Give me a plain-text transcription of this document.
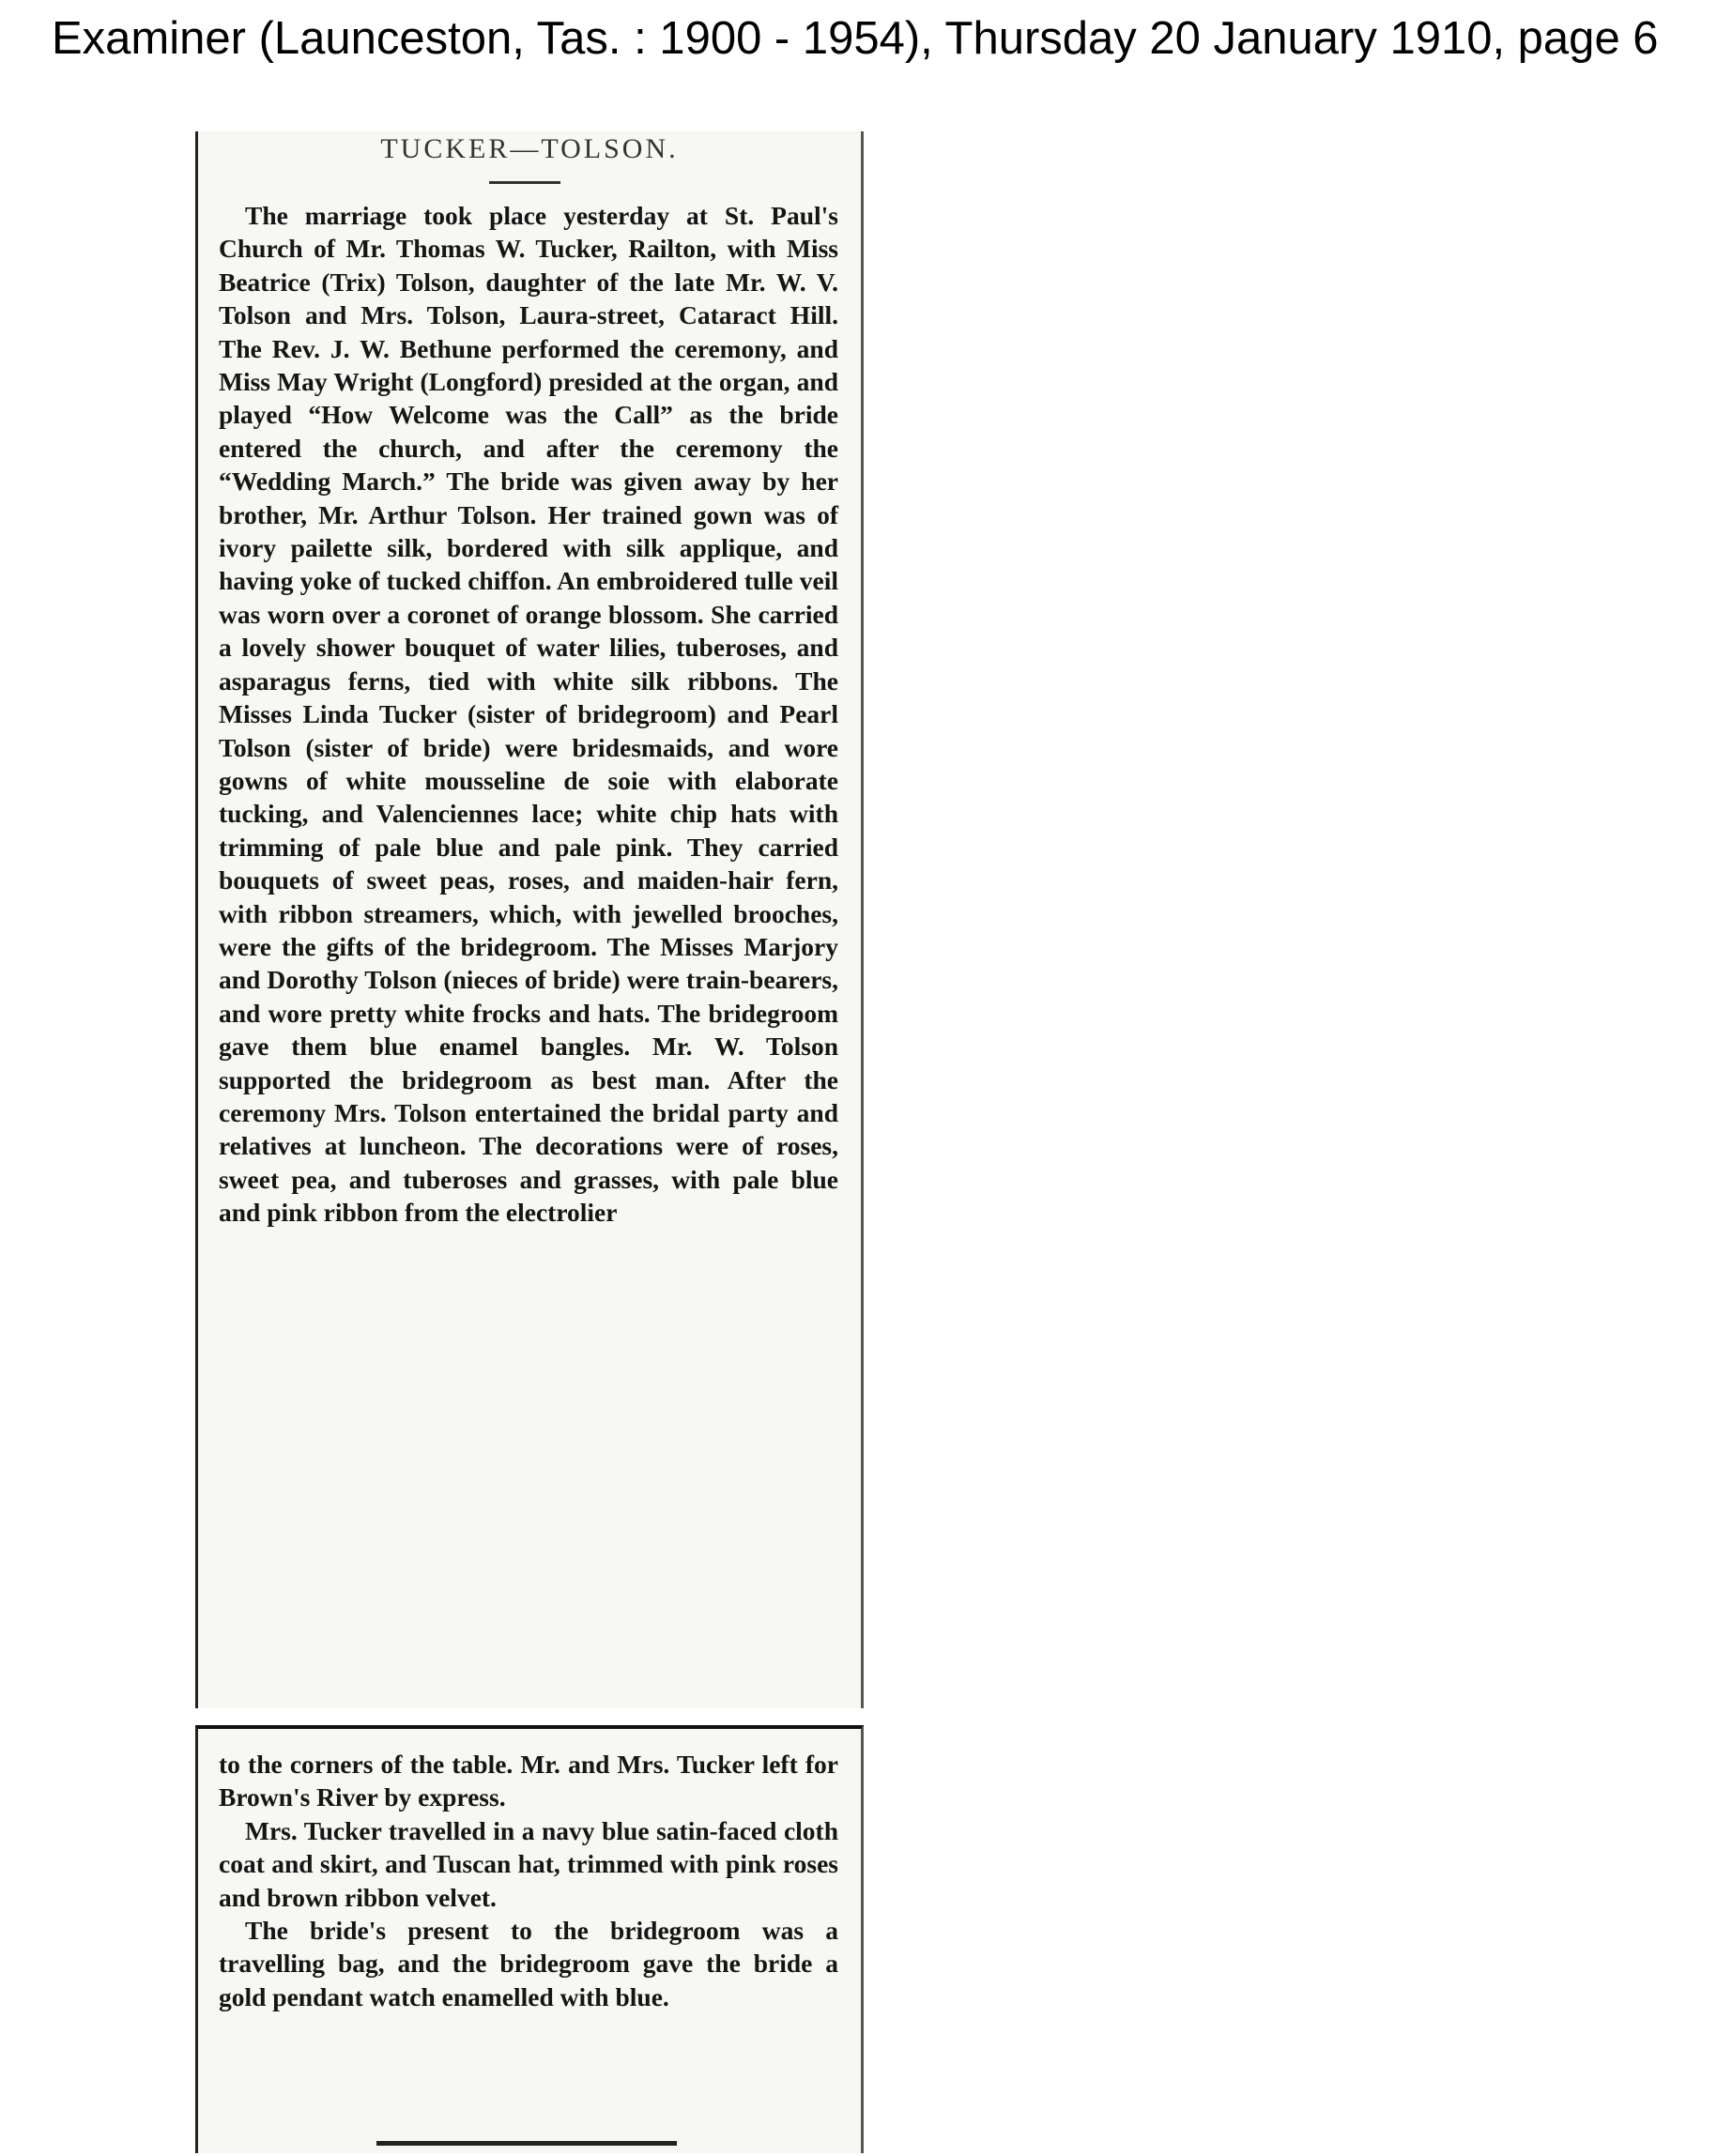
Examiner (Launceston, Tas. : 1900 - 1954), Thursday 20 January 1910, page 6
TUCKER—TOLSON.

The marriage took place yesterday at St. Paul's Church of Mr. Thomas W. Tucker, Railton, with Miss Beatrice (Trix) Tolson, daughter of the late Mr. W. V. Tolson and Mrs. Tolson, Laura-street, Cataract Hill. The Rev. J. W. Bethune performed the ceremony, and Miss May Wright (Longford) presided at the organ, and played “How Welcome was the Call” as the bride entered the church, and after the ceremony the “Wedding March.” The bride was given away by her brother, Mr. Arthur Tolson. Her trained gown was of ivory pailette silk, bordered with silk applique, and having yoke of tucked chiffon. An embroidered tulle veil was worn over a coronet of orange blossom. She carried a lovely shower bouquet of water lilies, tuberoses, and asparagus ferns, tied with white silk ribbons. The Misses Linda Tucker (sister of bridegroom) and Pearl Tolson (sister of bride) were bridesmaids, and wore gowns of white mousseline de soie with elaborate tucking, and Valenciennes lace; white chip hats with trimming of pale blue and pale pink. They carried bouquets of sweet peas, roses, and maiden-hair fern, with ribbon streamers, which, with jewelled brooches, were the gifts of the bridegroom. The Misses Marjory and Dorothy Tolson (nieces of bride) were train-bearers, and wore pretty white frocks and hats. The bridegroom gave them blue enamel bangles. Mr. W. Tolson supported the bridegroom as best man. After the ceremony Mrs. Tolson entertained the bridal party and relatives at luncheon. The decorations were of roses, sweet pea, and tuberoses and grasses, with pale blue and pink ribbon from the electrolier

to the corners of the table. Mr. and Mrs. Tucker left for Brown's River by express.

Mrs. Tucker travelled in a navy blue satin-faced cloth coat and skirt, and Tuscan hat, trimmed with pink roses and brown ribbon velvet.

The bride's present to the bridegroom was a travelling bag, and the bridegroom gave the bride a gold pendant watch enamelled with blue.
